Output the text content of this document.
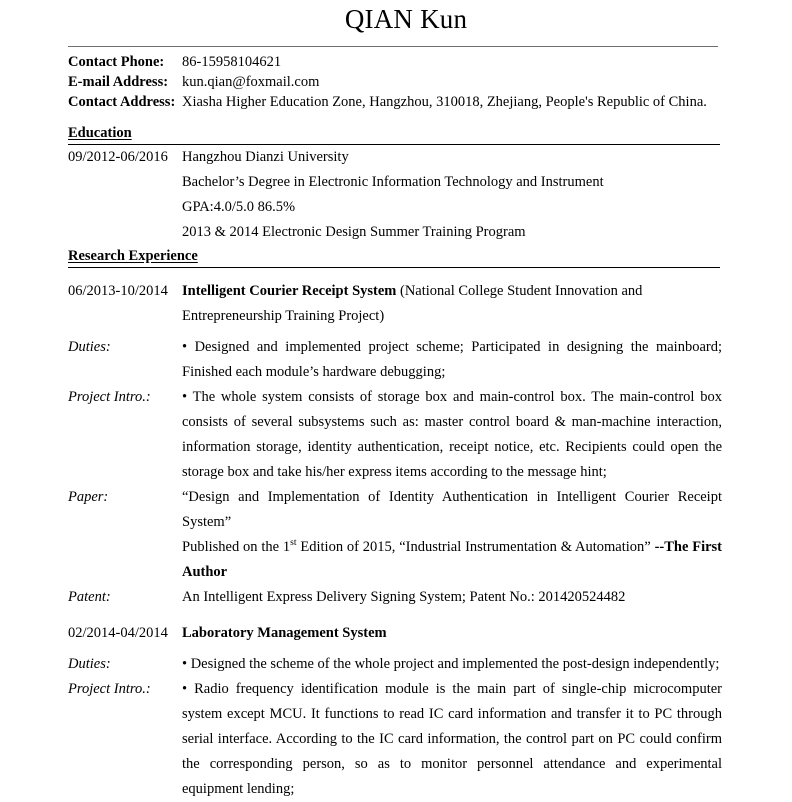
QIAN Kun
Contact Phone:	86-15958104621
E-mail Address: kun.qian@foxmail.com
Contact Address: Xiasha Higher Education Zone, Hangzhou, 310018, Zhejiang, People's Republic of China.
Education
09/2012-06/2016 Hangzhou Dianzi University
Bachelor’s Degree in Electronic Information Technology and Instrument
GPA:4.0/5.0 86.5%
2013 & 2014 Electronic Design Summer Training Program
Research Experience
06/2013-10/2014 Intelligent Courier Receipt System (National College Student Innovation and Entrepreneurship Training Project)
Duties:	• Designed and implemented project scheme; Participated in designing the mainboard; Finished each module’s hardware debugging;
Project Intro.:	• The whole system consists of storage box and main-control box. The main-control box consists of several subsystems such as: master control board & man-machine interaction, information storage, identity authentication, receipt notice, etc. Recipients could open the storage box and take his/her express items according to the message hint;
Paper:	“Design and Implementation of Identity Authentication in Intelligent Courier Receipt System”
Published on the 1st Edition of 2015, “Industrial Instrumentation & Automation” --The First Author
Patent:	An Intelligent Express Delivery Signing System; Patent No.: 201420524482
02/2014-04/2014 Laboratory Management System
Duties:	• Designed the scheme of the whole project and implemented the post-design independently;
Project Intro.:	• Radio frequency identification module is the main part of single-chip microcomputer system except MCU. It functions to read IC card information and transfer it to PC through serial interface. According to the IC card information, the control part on PC could confirm the corresponding person, so as to monitor personnel attendance and experimental equipment lending;
